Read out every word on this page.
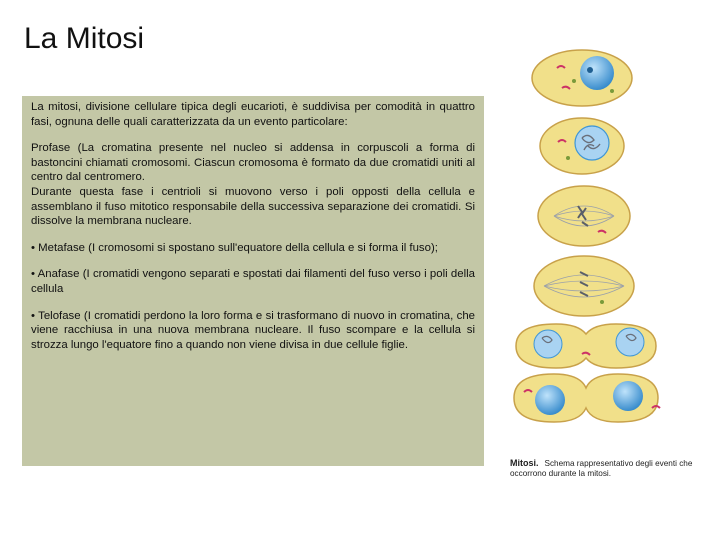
La Mitosi

La mitosi, divisione cellulare tipica degli eucarioti, è suddivisa per comodità in quattro fasi, ognuna delle quali caratterizzata da un evento particolare:

Profase (La cromatina presente nel nucleo si addensa in corpuscoli a forma di bastoncini chiamati cromosomi. Ciascun cromosoma è formato da due cromatidi uniti al centro dal centromero.

Durante questa fase i centrioli si muovono verso i poli opposti della cellula e assemblano il fuso mitotico responsabile della successiva separazione dei cromatidi. Si dissolve la membrana nucleare.

• Metafase (I cromosomi si spostano sull'equatore della cellula e si forma il fuso);

• Anafase (I cromatidi vengono separati e spostati dai filamenti del fuso verso i poli della cellula

• Telofase (I cromatidi perdono la loro forma e si trasformano di nuovo in cromatina, che viene racchiusa in una nuova membrana nucleare. Il fuso scompare e la cellula si strozza lungo l'equatore fino a quando non viene divisa in due cellule figlie.

Mitosi. Schema rappresentativo degli eventi che occorrono durante la mitosi.
